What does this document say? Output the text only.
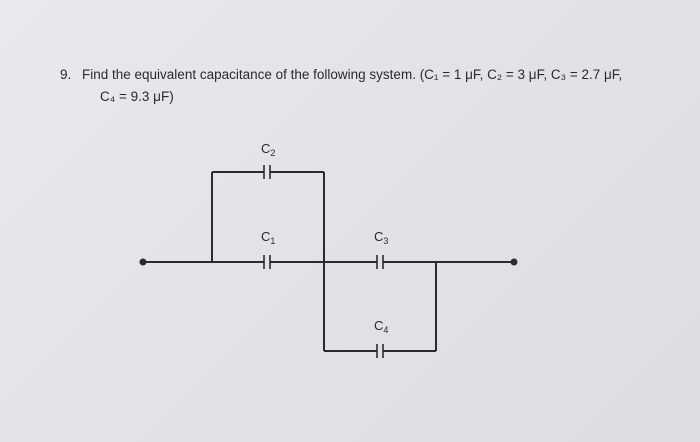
9. Find the equivalent capacitance of the following system. (C₁ = 1 μF, C₂ = 3 μF, C₃ = 2.7 μF,
C₄ = 9.3 μF)
$C_2$
$C_1$	$C_3$
$C_4$
